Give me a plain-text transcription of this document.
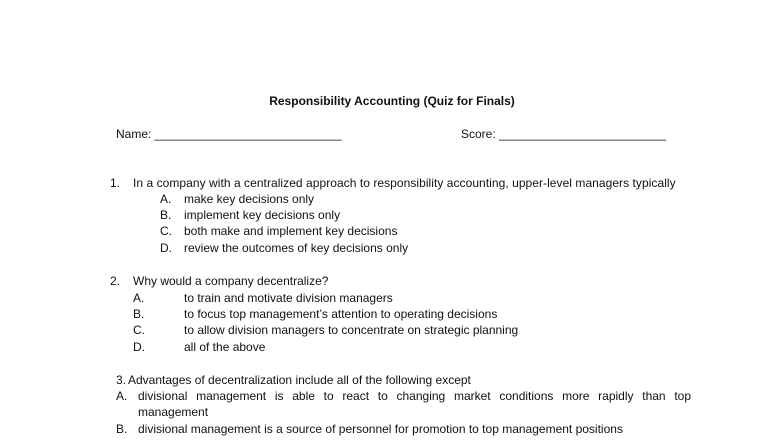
Responsibility Accounting (Quiz for Finals)
Name: ____________________________	Score: _________________________
1. In a company with a centralized approach to responsibility accounting, upper-level managers typically
A. make key decisions only
B. implement key decisions only
C. both make and implement key decisions
D. review the outcomes of key decisions only
2. Why would a company decentralize?
A.	to train and motivate division managers
B.	to focus top management’s attention to operating decisions
C.	to allow division managers to concentrate on strategic planning
D.	all of the above
3. Advantages of decentralization include all of the following except
A. divisional management is able to react to changing market conditions more rapidly than top management
B. divisional management is a source of personnel for promotion to top management positions
